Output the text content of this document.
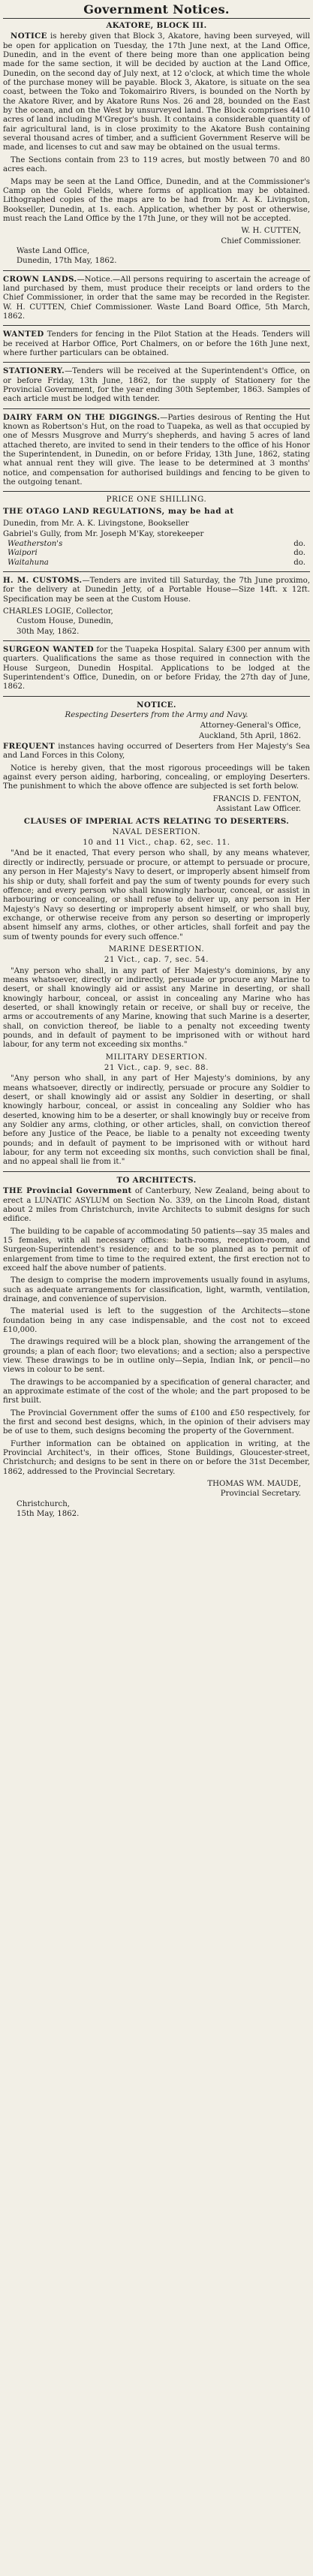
Government Notices.
AKATORE, BLOCK III.

NOTICE is hereby given that Block 3, Akatore, having been surveyed, will be open for application on Tuesday, the 17th June next, at the Land Office, Dunedin, and in the event of there being more than one application being made for the same section, it will be decided by auction at the Land Office, Dunedin, on the second day of July next, at 12 o'clock, at which time the whole of the purchase money will be payable. Block 3, Akatore, is situate on the sea coast, between the Toko and Tokomairiro Rivers, is bounded on the North by the Akatore River, and by Akatore Runs Nos. 26 and 28, bounded on the East by the ocean, and on the West by unsurveyed land. The Block comprises 4410 acres of land including M'Gregor's bush. It contains a considerable quantity of fair agricultural land, is in close proximity to the Akatore Bush containing several thousand acres of timber, and a sufficient Government Reserve will be made, and licenses to cut and saw may be obtained on the usual terms.

The Sections contain from 23 to 119 acres, but mostly between 70 and 80 acres each.

Maps may be seen at the Land Office, Dunedin, and at the Commissioner's Camp on the Gold Fields, where forms of application may be obtained. Lithographed copies of the maps are to be had from Mr. A. K. Livingston, Bookseller, Dunedin, at 1s. each. Application, whether by post or otherwise, must reach the Land Office by the 17th June, or they will not be accepted.

W. H. CUTTEN,
Chief Commissioner.
Waste Land Office,
Dunedin, 17th May, 1862.

CROWN LANDS.—Notice.—All persons requiring to ascertain the acreage of land purchased by them, must produce their receipts or land orders to the Chief Commissioner, in order that the same may be recorded in the Register. W. H. CUTTEN, Chief Commissioner. Waste Land Board Office, 5th March, 1862.

WANTED Tenders for fencing in the Pilot Station at the Heads. Tenders will be received at Harbor Office, Port Chalmers, on or before the 16th June next, where further particulars can be obtained.

STATIONERY.—Tenders will be received at the Superintendent's Office, on or before Friday, 13th June, 1862, for the supply of Stationery for the Provincial Government, for the year ending 30th September, 1863. Samples of each article must be lodged with tender.

DAIRY FARM ON THE DIGGINGS.—Parties desirous of Renting the Hut known as Robertson's Hut, on the road to Tuapeka, as well as that occupied by one of Messrs Musgrove and Murry's shepherds, and having 5 acres of land attached thereto, are invited to send in their tenders to the office of his Honor the Superintendent, in Dunedin, on or before Friday, 13th June, 1862, stating what annual rent they will give. The lease to be determined at 3 months' notice, and compensation for authorised buildings and fencing to be given to the outgoing tenant.

PRICE ONE SHILLING.

THE OTAGO LAND REGULATIONS, may be had at

Dunedin, from Mr. A. K. Livingstone, Bookseller
Gabriel's Gully, from Mr. Joseph M'Kay, storekeeper
Weatherston's	do.
Waipori	do.
Waitahuna	do.

H. M. CUSTOMS.—Tenders are invited till Saturday, the 7th June proximo, for the delivery at Dunedin Jetty, of a Portable House—Size 14ft. x 12ft. Specification may be seen at the Custom House.

CHARLES LOGIE, Collector,
Custom House, Dunedin,
30th May, 1862.

SURGEON WANTED for the Tuapeka Hospital. Salary £300 per annum with quarters. Qualifications the same as those required in connection with the House Surgeon, Dunedin Hospital. Applications to be lodged at the Superintendent's Office, Dunedin, on or before Friday, the 27th day of June, 1862.

NOTICE.
Respecting Deserters from the Army and Navy.
Attorney-General's Office,
Auckland, 5th April, 1862.

FREQUENT instances having occurred of Deserters from Her Majesty's Sea and Land Forces in this Colony,

Notice is hereby given, that the most rigorous proceedings will be taken against every person aiding, harboring, concealing, or employing Deserters. The punishment to which the above offence are subjected is set forth below.

FRANCIS D. FENTON,
Assistant Law Officer.
CLAUSES OF IMPERIAL ACTS RELATING TO DESERTERS.
NAVAL DESERTION.
10 and 11 Vict., chap. 62, sec. 11.

"And be it enacted, That every person who shall, by any means whatever, directly or indirectly, persuade or procure, or attempt to persuade or procure, any person in Her Majesty's Navy to desert, or improperly absent himself from his ship or duty, shall forfeit and pay the sum of twenty pounds for every such offence; and every person who shall knowingly harbour, conceal, or assist in harbouring or concealing, or shall refuse to deliver up, any person in Her Majesty's Navy so deserting or improperly absent himself, or who shall buy, exchange, or otherwise receive from any person so deserting or improperly absent himself any arms, clothes, or other articles, shall forfeit and pay the sum of twenty pounds for every such offence."

MARINE DESERTION.
21 Vict., cap. 7, sec. 54.

"Any person who shall, in any part of Her Majesty's dominions, by any means whatsoever, directly or indirectly, persuade or procure any Marine to desert, or shall knowingly aid or assist any Marine in deserting, or shall knowingly harbour, conceal, or assist in concealing any Marine who has deserted, or shall knowingly retain or receive, or shall buy or receive, the arms or accoutrements of any Marine, knowing that such Marine is a deserter, shall, on conviction thereof, be liable to a penalty not exceeding twenty pounds, and in default of payment to be imprisoned with or without hard labour, for any term not exceeding six months."

MILITARY DESERTION.
21 Vict., cap. 9, sec. 88.

"Any person who shall, in any part of Her Majesty's dominions, by any means whatsoever, directly or indirectly, persuade or procure any Soldier to desert, or shall knowingly aid or assist any Soldier in deserting, or shall knowingly harbour, conceal, or assist in concealing any Soldier who has deserted, knowing him to be a deserter, or shall knowingly buy or receive from any Soldier any arms, clothing, or other articles, shall, on conviction thereof before any Justice of the Peace, be liable to a penalty not exceeding twenty pounds; and in default of payment to be imprisoned with or without hard labour, for any term not exceeding six months, such conviction shall be final, and no appeal shall lie from it."

TO ARCHITECTS.

THE Provincial Government of Canterbury, New Zealand, being about to erect a LUNATIC ASYLUM on Section No. 339, on the Lincoln Road, distant about 2 miles from Christchurch, invite Architects to submit designs for such edifice.

The building to be capable of accommodating 50 patients—say 35 males and 15 females, with all necessary offices: bath-rooms, reception-room, and Surgeon-Superintendent's residence; and to be so planned as to permit of enlargement from time to time to the required extent, the first erection not to exceed half the above number of patients.

The design to comprise the modern improvements usually found in asylums, such as adequate arrangements for classification, light, warmth, ventilation, drainage, and convenience of supervision.

The material used is left to the suggestion of the Architects—stone foundation being in any case indispensable, and the cost not to exceed £10,000.

The drawings required will be a block plan, showing the arrangement of the grounds; a plan of each floor; two elevations; and a section; also a perspective view. These drawings to be in outline only—Sepia, Indian Ink, or pencil—no views in colour to be sent.

The drawings to be accompanied by a specification of general character, and an approximate estimate of the cost of the whole; and the part proposed to be first built.

The Provincial Government offer the sums of £100 and £50 respectively, for the first and second best designs, which, in the opinion of their advisers may be of use to them, such designs becoming the property of the Government.

Further information can be obtained on application in writing, at the Provincial Architect's, in their offices, Stone Buildings, Gloucester-street, Christchurch; and designs to be sent in there on or before the 31st December, 1862, addressed to the Provincial Secretary.

THOMAS WM. MAUDE,
Provincial Secretary.
Christchurch,
15th May, 1862.
